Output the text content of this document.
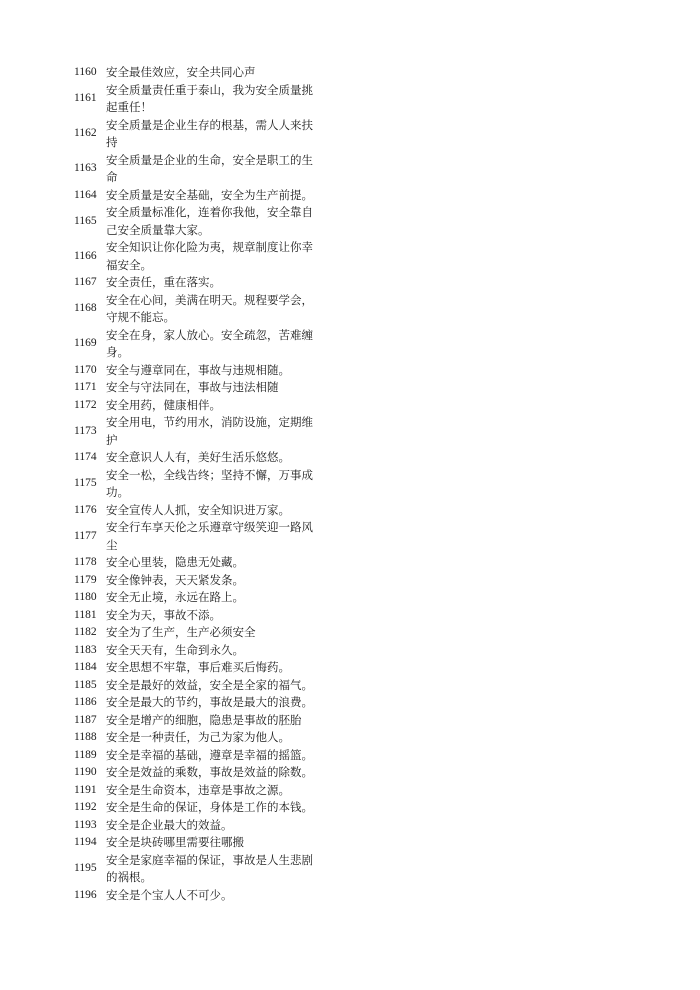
1160 安全最佳效应，安全共同心声
1161
安全质量责任重于泰山，我为安全质量挑起重任！
1162
安全质量是企业生存的根基，需人人来扶持
1163
安全质量是企业的生命，安全是职工的生命
1164 安全质量是安全基础，安全为生产前提。
1165
安全质量标准化，连着你我他，安全靠自己安全质量靠大家。
1166
安全知识让你化险为夷，规章制度让你幸福安全。
1167 安全责任，重在落实。
1168
安全在心间，美满在明天。规程要学会，守规不能忘。
1169
安全在身，家人放心。安全疏忽，苦难缠身。
1170 安全与遵章同在，事故与违规相随。
1171 安全与守法同在，事故与违法相随
1172 安全用药，健康相伴。
1173
安全用电，节约用水，消防设施，定期维护
1174 安全意识人人有，美好生活乐悠悠。
1175
安全一松，全线告终；坚持不懈，万事成功。
1176 安全宣传人人抓，安全知识进万家。
1177
安全行车享天伦之乐遵章守级笑迎一路风尘
1178 安全心里装，隐患无处藏。
1179 安全像钟表，天天紧发条。
1180 安全无止境，永远在路上。
1181 安全为天，事故不添。
1182 安全为了生产，生产必须安全
1183 安全天天有，生命到永久。
1184 安全思想不牢靠，事后难买后悔药。
1185 安全是最好的效益，安全是全家的福气。
1186 安全是最大的节约，事故是最大的浪费。
1187 安全是增产的细胞，隐患是事故的胚胎
1188 安全是一种责任，为己为家为他人。
1189 安全是幸福的基础，遵章是幸福的摇篮。
1190 安全是效益的乘数，事故是效益的除数。
1191 安全是生命资本，违章是事故之源。
1192 安全是生命的保证，身体是工作的本钱。
1193 安全是企业最大的效益。
1194 安全是块砖哪里需要往哪搬
1195
安全是家庭幸福的保证，事故是人生悲剧的祸根。
1196 安全是个宝人人不可少。
